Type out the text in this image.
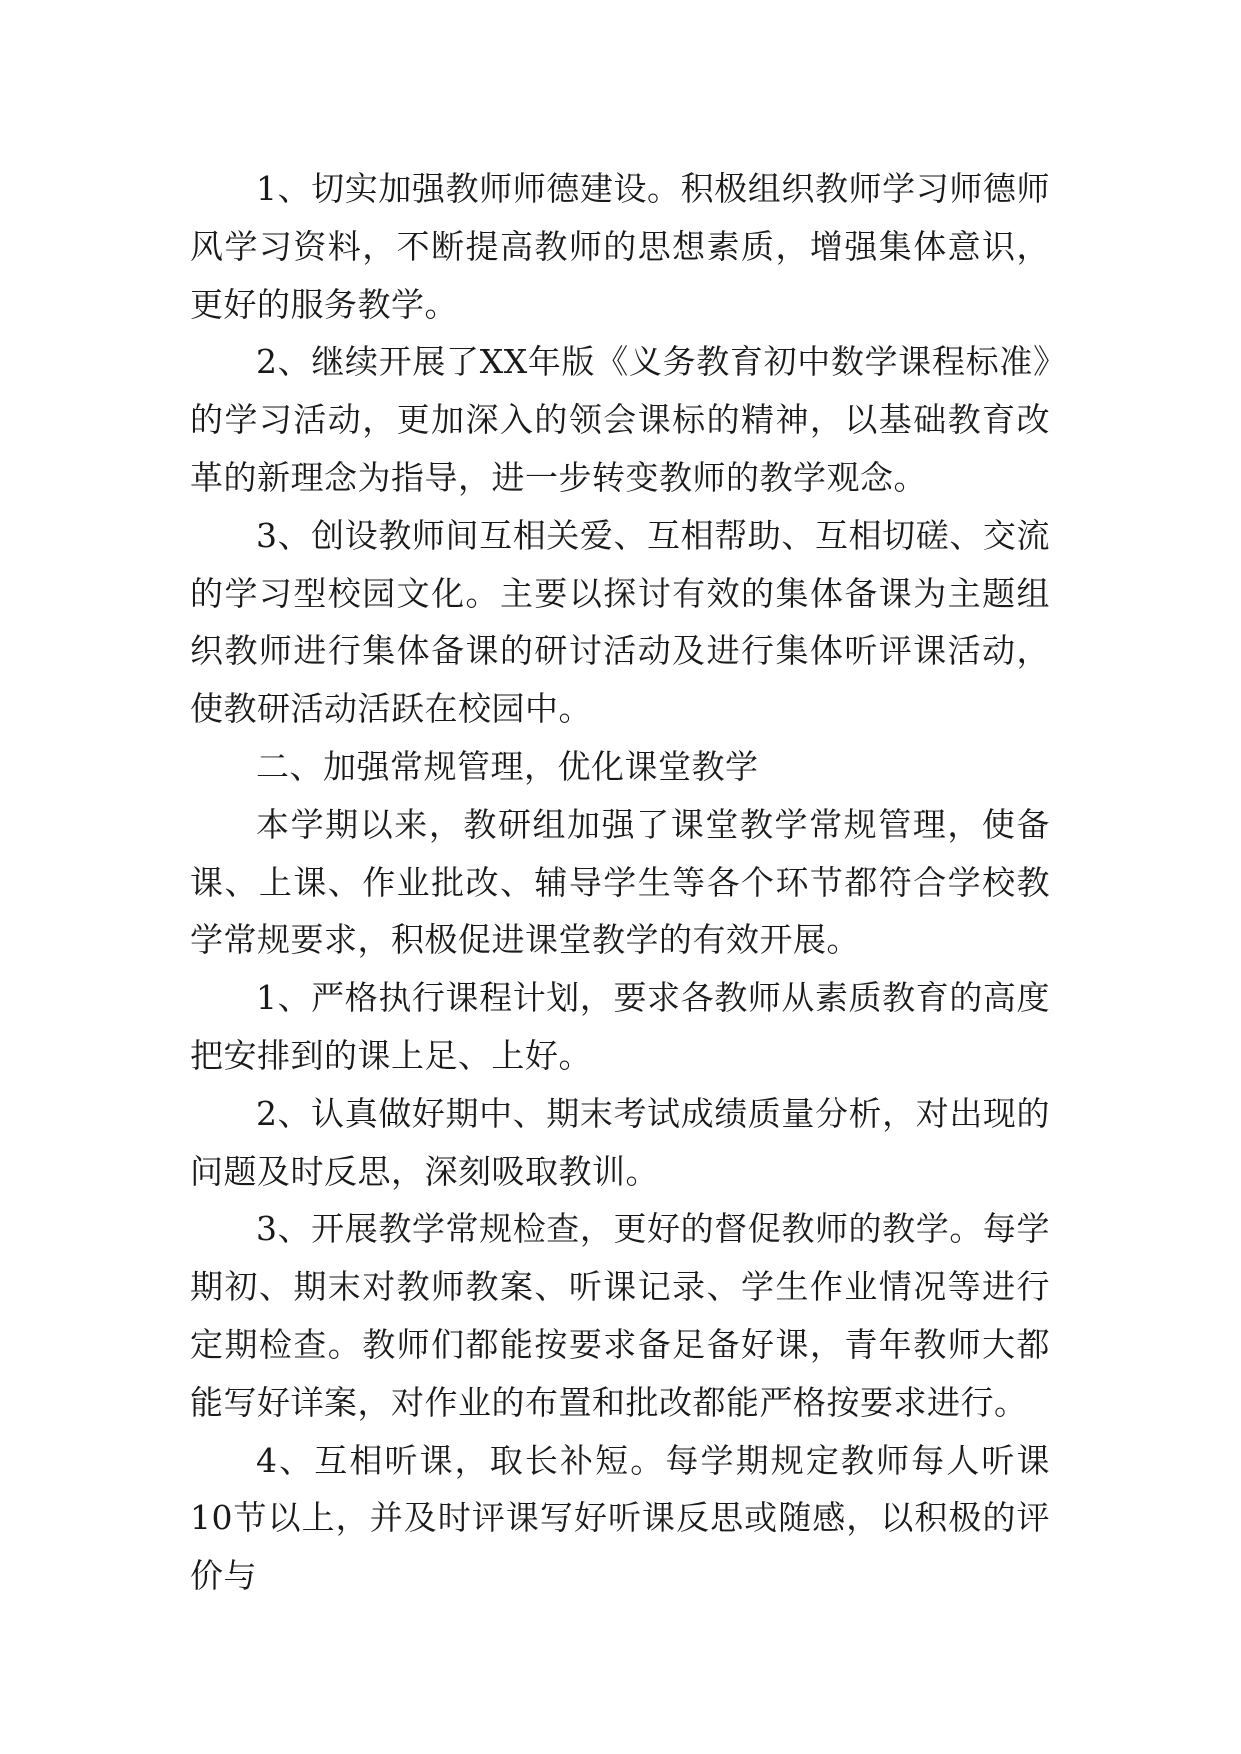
1、切实加强教师师德建设。积极组织教师学习师德师风学习资料，不断提高教师的思想素质，增强集体意识，更好的服务教学。

2、继续开展了XX年版《义务教育初中数学课程标准》的学习活动，更加深入的领会课标的精神，以基础教育改革的新理念为指导，进一步转变教师的教学观念。

3、创设教师间互相关爱、互相帮助、互相切磋、交流的学习型校园文化。主要以探讨有效的集体备课为主题组织教师进行集体备课的研讨活动及进行集体听评课活动，使教研活动活跃在校园中。

二、加强常规管理，优化课堂教学

本学期以来，教研组加强了课堂教学常规管理，使备课、上课、作业批改、辅导学生等各个环节都符合学校教学常规要求，积极促进课堂教学的有效开展。

1、严格执行课程计划，要求各教师从素质教育的高度把安排到的课上足、上好。

2、认真做好期中、期末考试成绩质量分析，对出现的问题及时反思，深刻吸取教训。

3、开展教学常规检查，更好的督促教师的教学。每学期初、期末对教师教案、听课记录、学生作业情况等进行定期检查。教师们都能按要求备足备好课，青年教师大都能写好详案，对作业的布置和批改都能严格按要求进行。

4、互相听课，取长补短。每学期规定教师每人听课10节以上，并及时评课写好听课反思或随感，以积极的评价与
